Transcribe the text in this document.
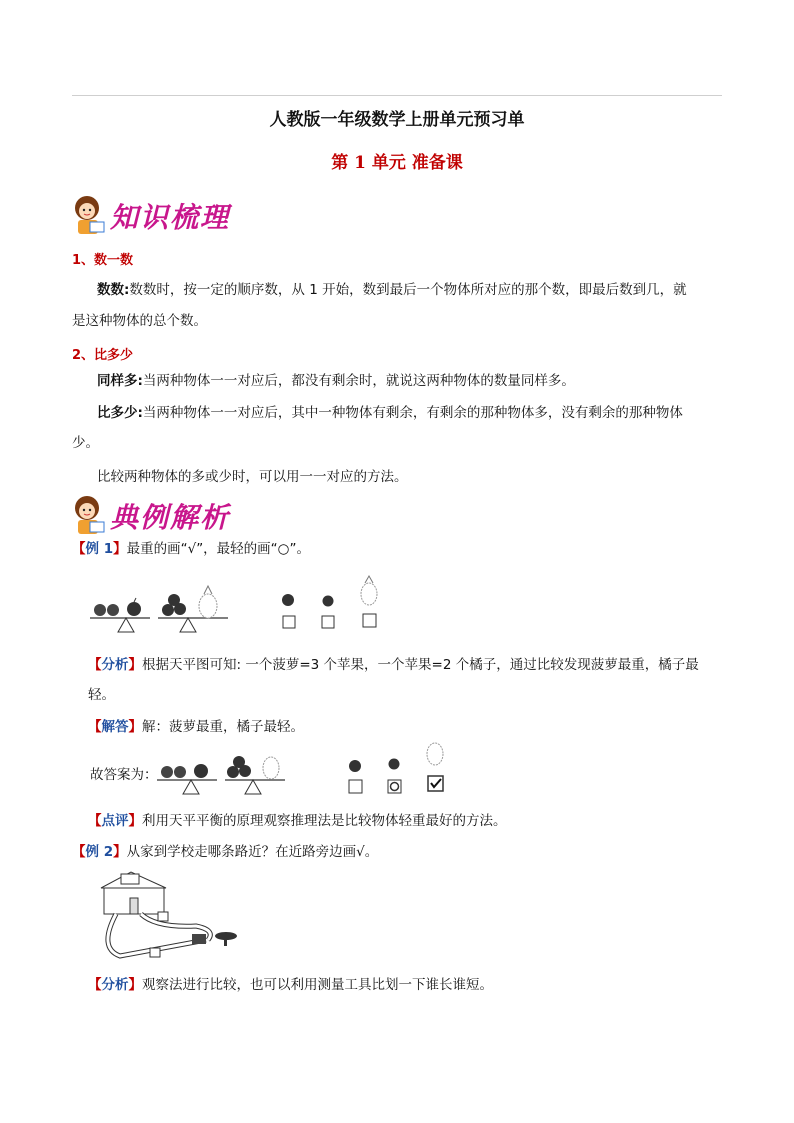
人教版一年级数学上册单元预习单
第 1 单元 准备课
知识梳理
1、数一数
数数:数数时，按一定的顺序数，从 1 开始，数到最后一个物体所对应的那个数，即最后数到几，就
是这种物体的总个数。
2、比多少
同样多:当两种物体一一对应后，都没有剩余时，就说这两种物体的数量同样多。
比多少:当两种物体一一对应后，其中一种物体有剩余，有剩余的那种物体多，没有剩余的那种物体
少。
比较两种物体的多或少时，可以用一一对应的方法。
典例解析
【例 1】最重的画“√”，最轻的画“○”。
【分析】根据天平图可知: 一个菠萝=3 个苹果，一个苹果=2 个橘子，通过比较发现菠萝最重，橘子最
轻。
【解答】解：菠萝最重，橘子最轻。
故答案为：
【点评】利用天平平衡的原理观察推理法是比较物体轻重最好的方法。
【例 2】从家到学校走哪条路近？在近路旁边画√。
【分析】观察法进行比较，也可以利用测量工具比划一下谁长谁短。
